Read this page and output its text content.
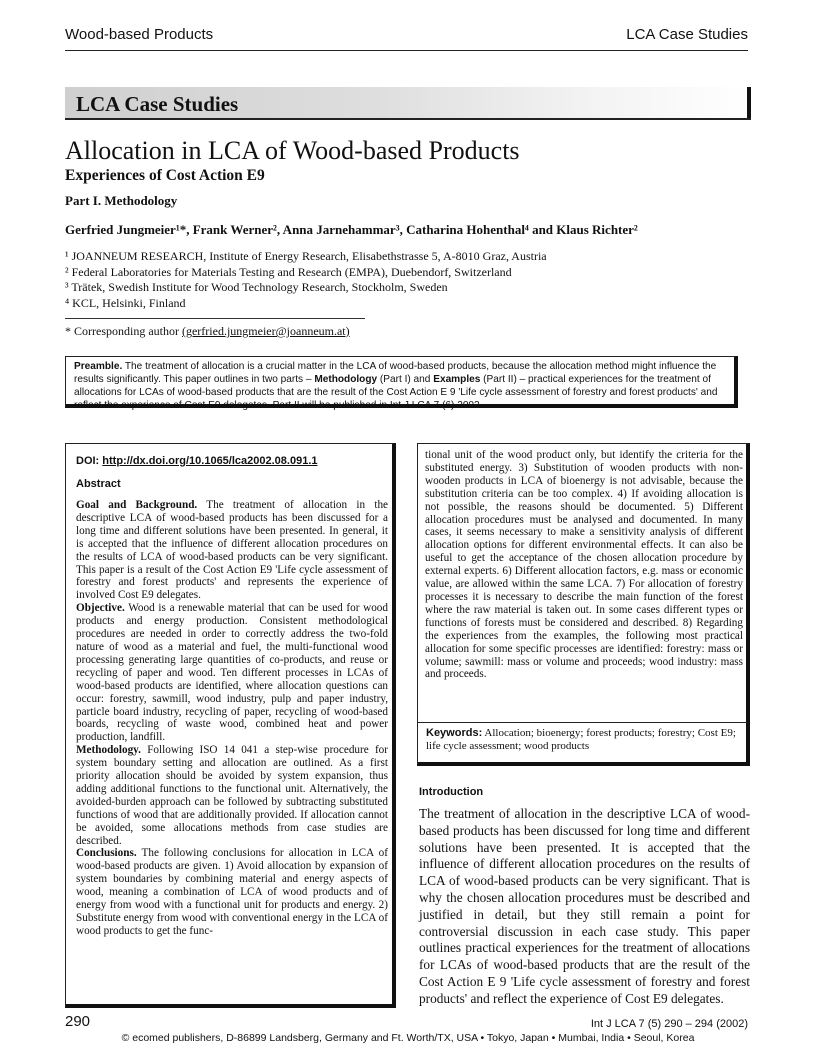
Wood-based Products	LCA Case Studies
LCA Case Studies
Allocation in LCA of Wood-based Products
Experiences of Cost Action E9
Part I. Methodology
Gerfried Jungmeier¹*, Frank Werner², Anna Jarnehammar³, Catharina Hohenthal⁴ and Klaus Richter²
¹ JOANNEUM RESEARCH, Institute of Energy Research, Elisabethstrasse 5, A-8010 Graz, Austria
² Federal Laboratories for Materials Testing and Research (EMPA), Duebendorf, Switzerland
³ Trätek, Swedish Institute for Wood Technology Research, Stockholm, Sweden
⁴ KCL, Helsinki, Finland
* Corresponding author (gerfried.jungmeier@joanneum.at)
Preamble. The treatment of allocation is a crucial matter in the LCA of wood-based products, because the allocation method might influence the results significantly. This paper outlines in two parts – Methodology (Part I) and Examples (Part II) – practical experiences for the treatment of allocations for LCAs of wood-based products that are the result of the Cost Action E 9 'Life cycle assessment of forestry and forest products' and reflect the experience of Cost E9 delegates. Part II will be published in Int J LCA 7 (6) 2002.
DOI: http://dx.doi.org/10.1065/lca2002.08.091.1
Abstract

Goal and Background. The treatment of allocation in the descriptive LCA of wood-based products has been discussed for a long time and different solutions have been presented. In general, it is accepted that the influence of different allocation procedures on the results of LCA of wood-based products can be very significant. This paper is a result of the Cost Action E9 'Life cycle assessment of forestry and forest products' and represents the experience of involved Cost E9 delegates.

Objective. Wood is a renewable material that can be used for wood products and energy production. Consistent methodological procedures are needed in order to correctly address the two-fold nature of wood as a material and fuel, the multi-functional wood processing generating large quantities of co-products, and reuse or recycling of paper and wood. Ten different processes in LCAs of wood-based products are identified, where allocation questions can occur: forestry, sawmill, wood industry, pulp and paper industry, particle board industry, recycling of paper, recycling of wood-based boards, recycling of waste wood, combined heat and power production, landfill.

Methodology. Following ISO 14 041 a step-wise procedure for system boundary setting and allocation are outlined. As a first priority allocation should be avoided by system expansion, thus adding additional functions to the functional unit. Alternatively, the avoided-burden approach can be followed by subtracting substituted functions of wood that are additionally provided. If allocation cannot be avoided, some allocations methods from case studies are described.

Conclusions. The following conclusions for allocation in LCA of wood-based products are given. 1) Avoid allocation by expansion of system boundaries by combining material and energy aspects of wood, meaning a combination of LCA of wood products and of energy from wood with a functional unit for products and energy. 2) Substitute energy from wood with conventional energy in the LCA of wood products to get the func-

tional unit of the wood product only, but identify the criteria for the substituted energy. 3) Substitution of wooden products with non-wooden products in LCA of bioenergy is not advisable, because the substitution criteria can be too complex. 4) If avoiding allocation is not possible, the reasons should be documented. 5) Different allocation procedures must be analysed and documented. In many cases, it seems necessary to make a sensitivity analysis of different allocation options for different environmental effects. It can also be useful to get the acceptance of the chosen allocation procedure by external experts. 6) Different allocation factors, e.g. mass or economic value, are allowed within the same LCA. 7) For allocation of forestry processes it is necessary to describe the main function of the forest where the raw material is taken out. In some cases different types or functions of forests must be considered and described. 8) Regarding the experiences from the examples, the following most practical allocation for some specific processes are identified: forestry: mass or volume; sawmill: mass or volume and proceeds; wood industry: mass and proceeds.
Keywords: Allocation; bioenergy; forest products; forestry; Cost E9; life cycle assessment; wood products
Introduction

The treatment of allocation in the descriptive LCA of wood-based products has been discussed for long time and different solutions have been presented. It is accepted that the influence of different allocation procedures on the results of LCA of wood-based products can be very significant. That is why the chosen allocation procedures must be described and justified in detail, but they still remain a point for controversial discussion in each case study. This paper outlines practical experiences for the treatment of allocations for LCAs of wood-based products that are the result of the Cost Action E 9 'Life cycle assessment of forestry and forest products' and reflect the experience of Cost E9 delegates.

290	Int J LCA 7 (5) 290 – 294 (2002)
© ecomed publishers, D-86899 Landsberg, Germany and Ft. Worth/TX, USA • Tokyo, Japan • Mumbai, India • Seoul, Korea
